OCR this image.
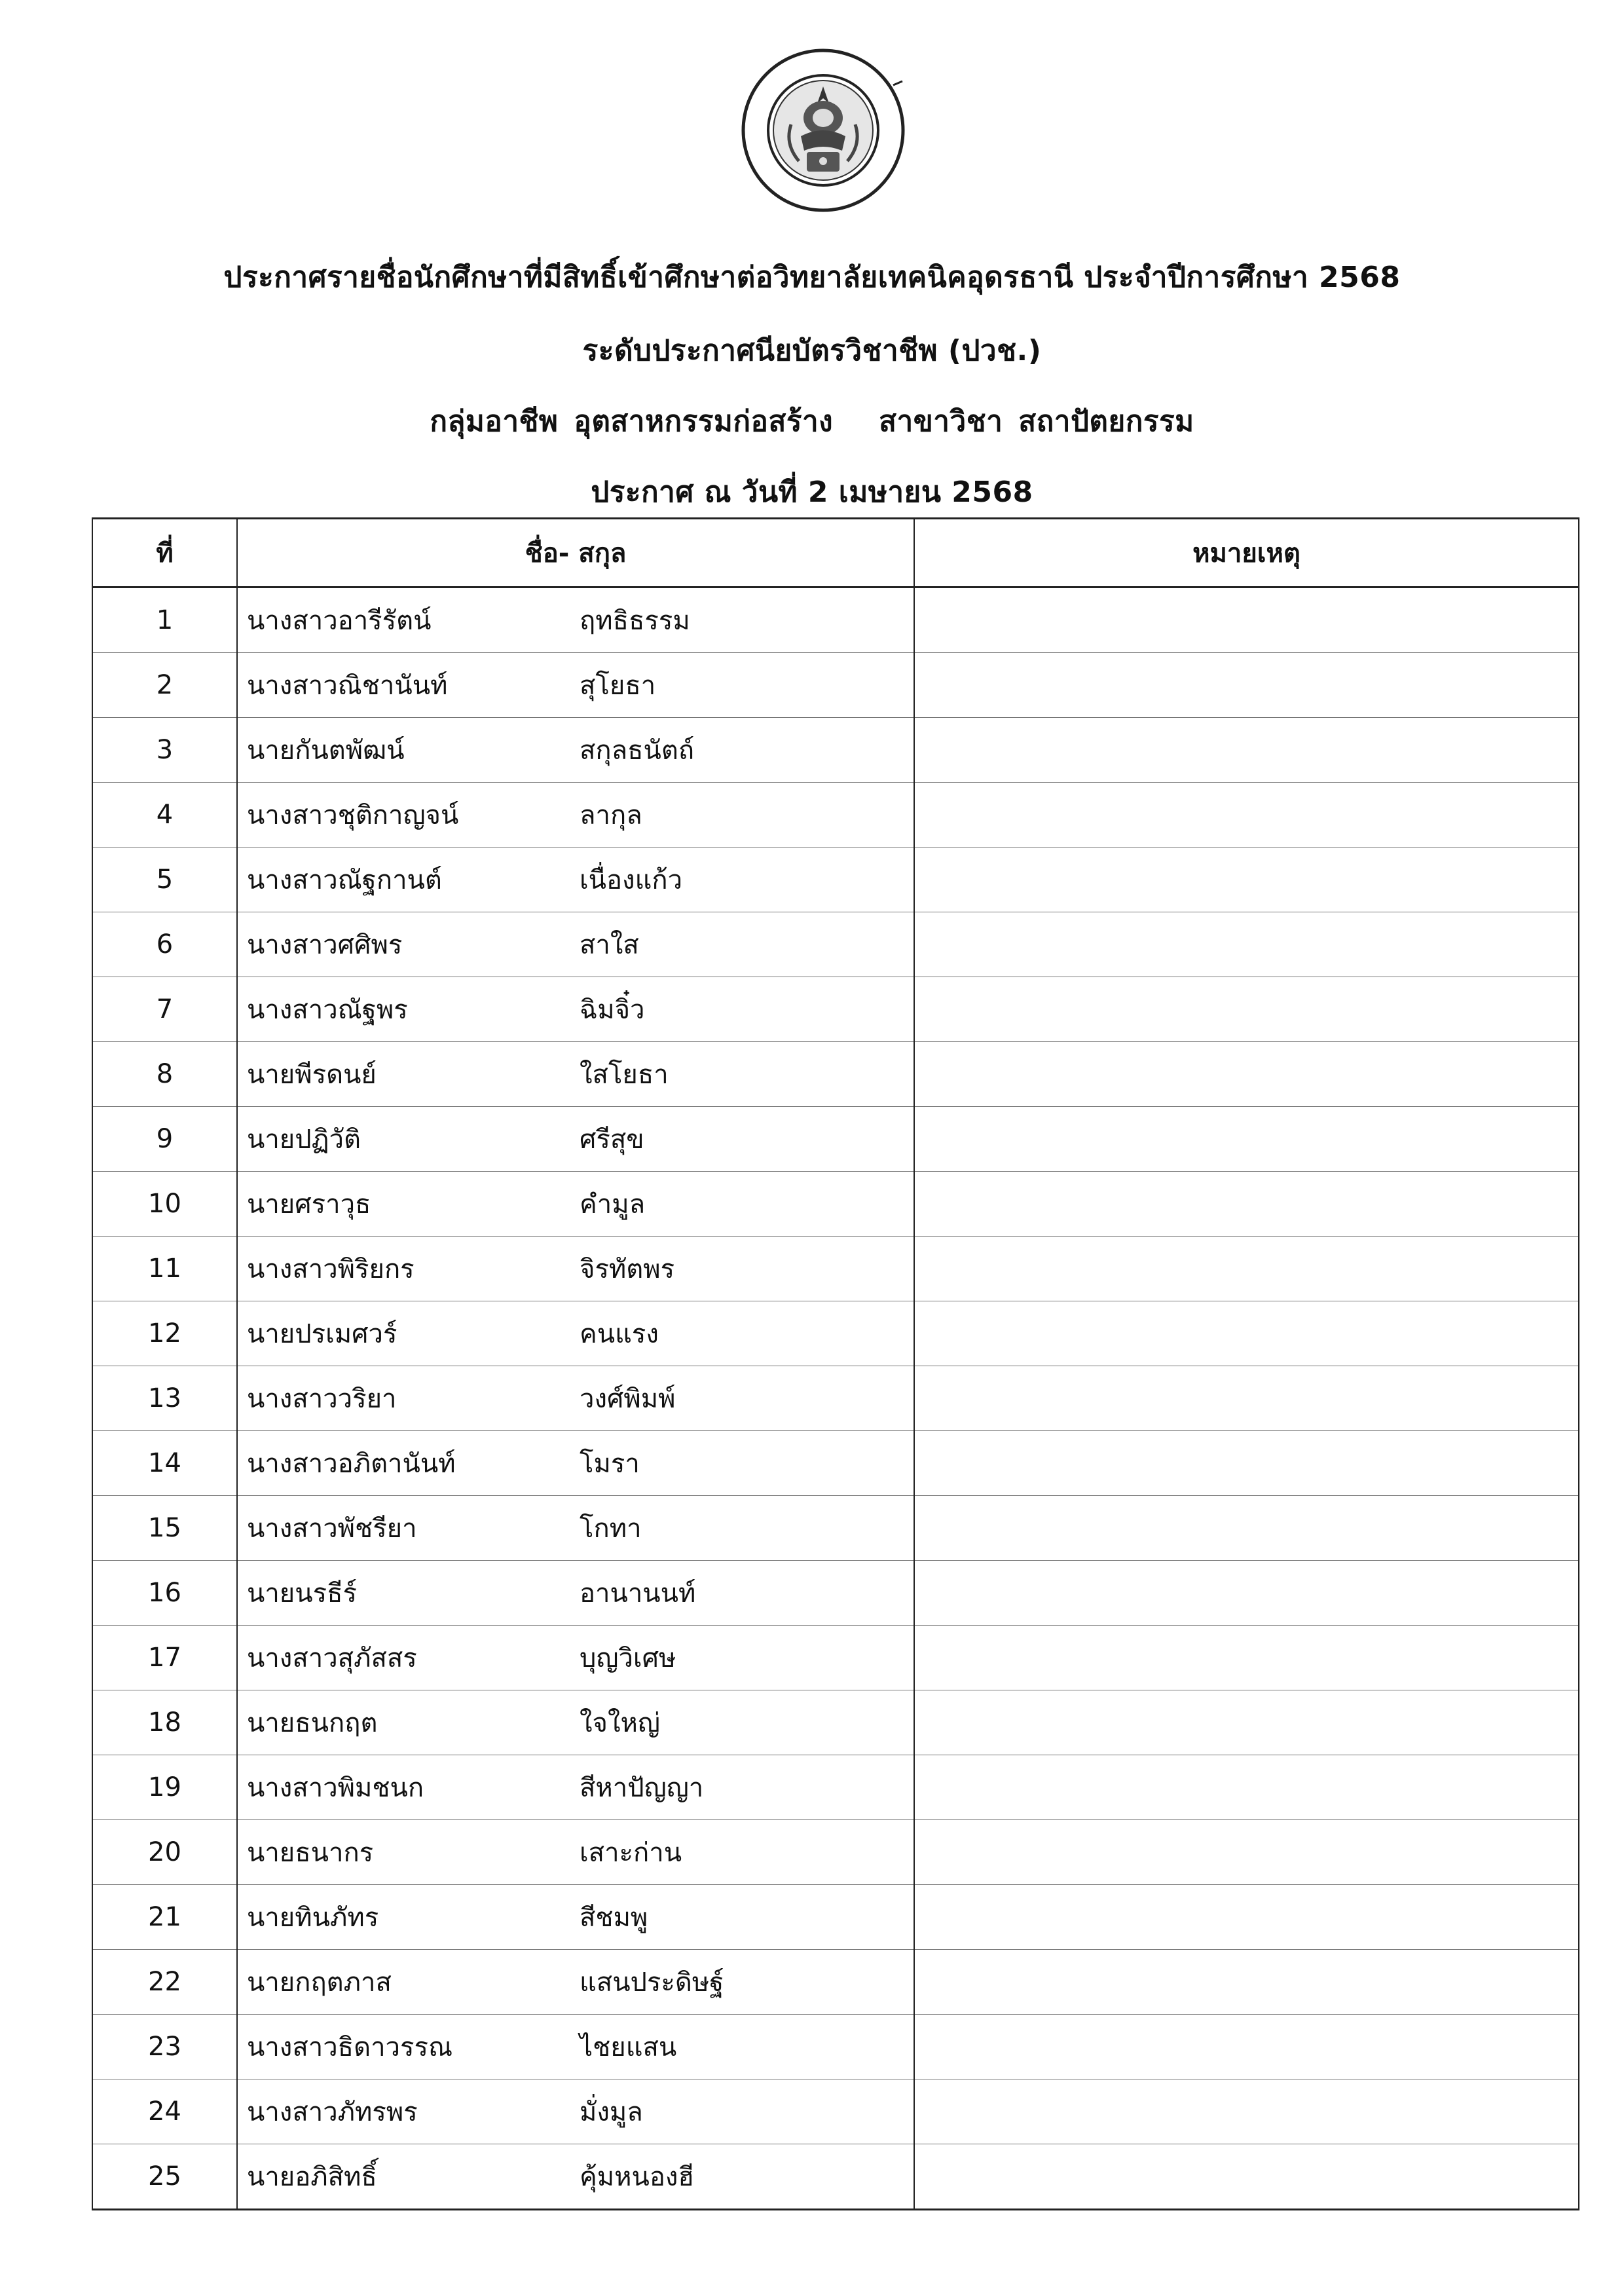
ประกาศรายชื่อนักศึกษาที่มีสิทธิ์เข้าศึกษาต่อวิทยาลัยเทคนิคอุดรธานี ประจำปีการศึกษา 2568
ระดับประกาศนียบัตรวิชาชีพ (ปวช.)
กลุ่มอาชีพ อุตสาหกรรมก่อสร้าง สาขาวิชา สถาปัตยกรรม
ประกาศ ณ วันที่ 2 เมษายน 2568
ที่	ชื่อ- สกุล	หมายเหตุ
1	นางสาวอารีรัตน์ ฤทธิธรรม	
2	นางสาวณิชานันท์ สุโยธา	
3	นายกันตพัฒน์ สกุลธนัตถ์	
4	นางสาวชุติกาญจน์ ลากุล	
5	นางสาวณัฐกานต์ เนื่องแก้ว	
6	นางสาวศศิพร สาใส	
7	นางสาวณัฐพร ฉิมจิ๋ว	
8	นายพีรดนย์ ใสโยธา	
9	นายปฏิวัติ ศรีสุข	
10	นายศราวุธ คำมูล	
11	นางสาวพิริยกร จิรทัตพร	
12	นายปรเมศวร์ คนแรง	
13	นางสาววริยา วงศ์พิมพ์	
14	นางสาวอภิตานันท์ โมรา	
15	นางสาวพัชรียา โกทา	
16	นายนรธีร์ อานานนท์	
17	นางสาวสุภัสสร บุญวิเศษ	
18	นายธนกฤต ใจใหญ่	
19	นางสาวพิมชนก สีหาปัญญา	
20	นายธนากร เสาะก่าน	
21	นายทินภัทร สีชมพู	
22	นายกฤตภาส แสนประดิษฐ์	
23	นางสาวธิดาวรรณ ไชยแสน	
24	นางสาวภัทรพร มั่งมูล	
25	นายอภิสิทธิ์ คุ้มหนองฮี	
